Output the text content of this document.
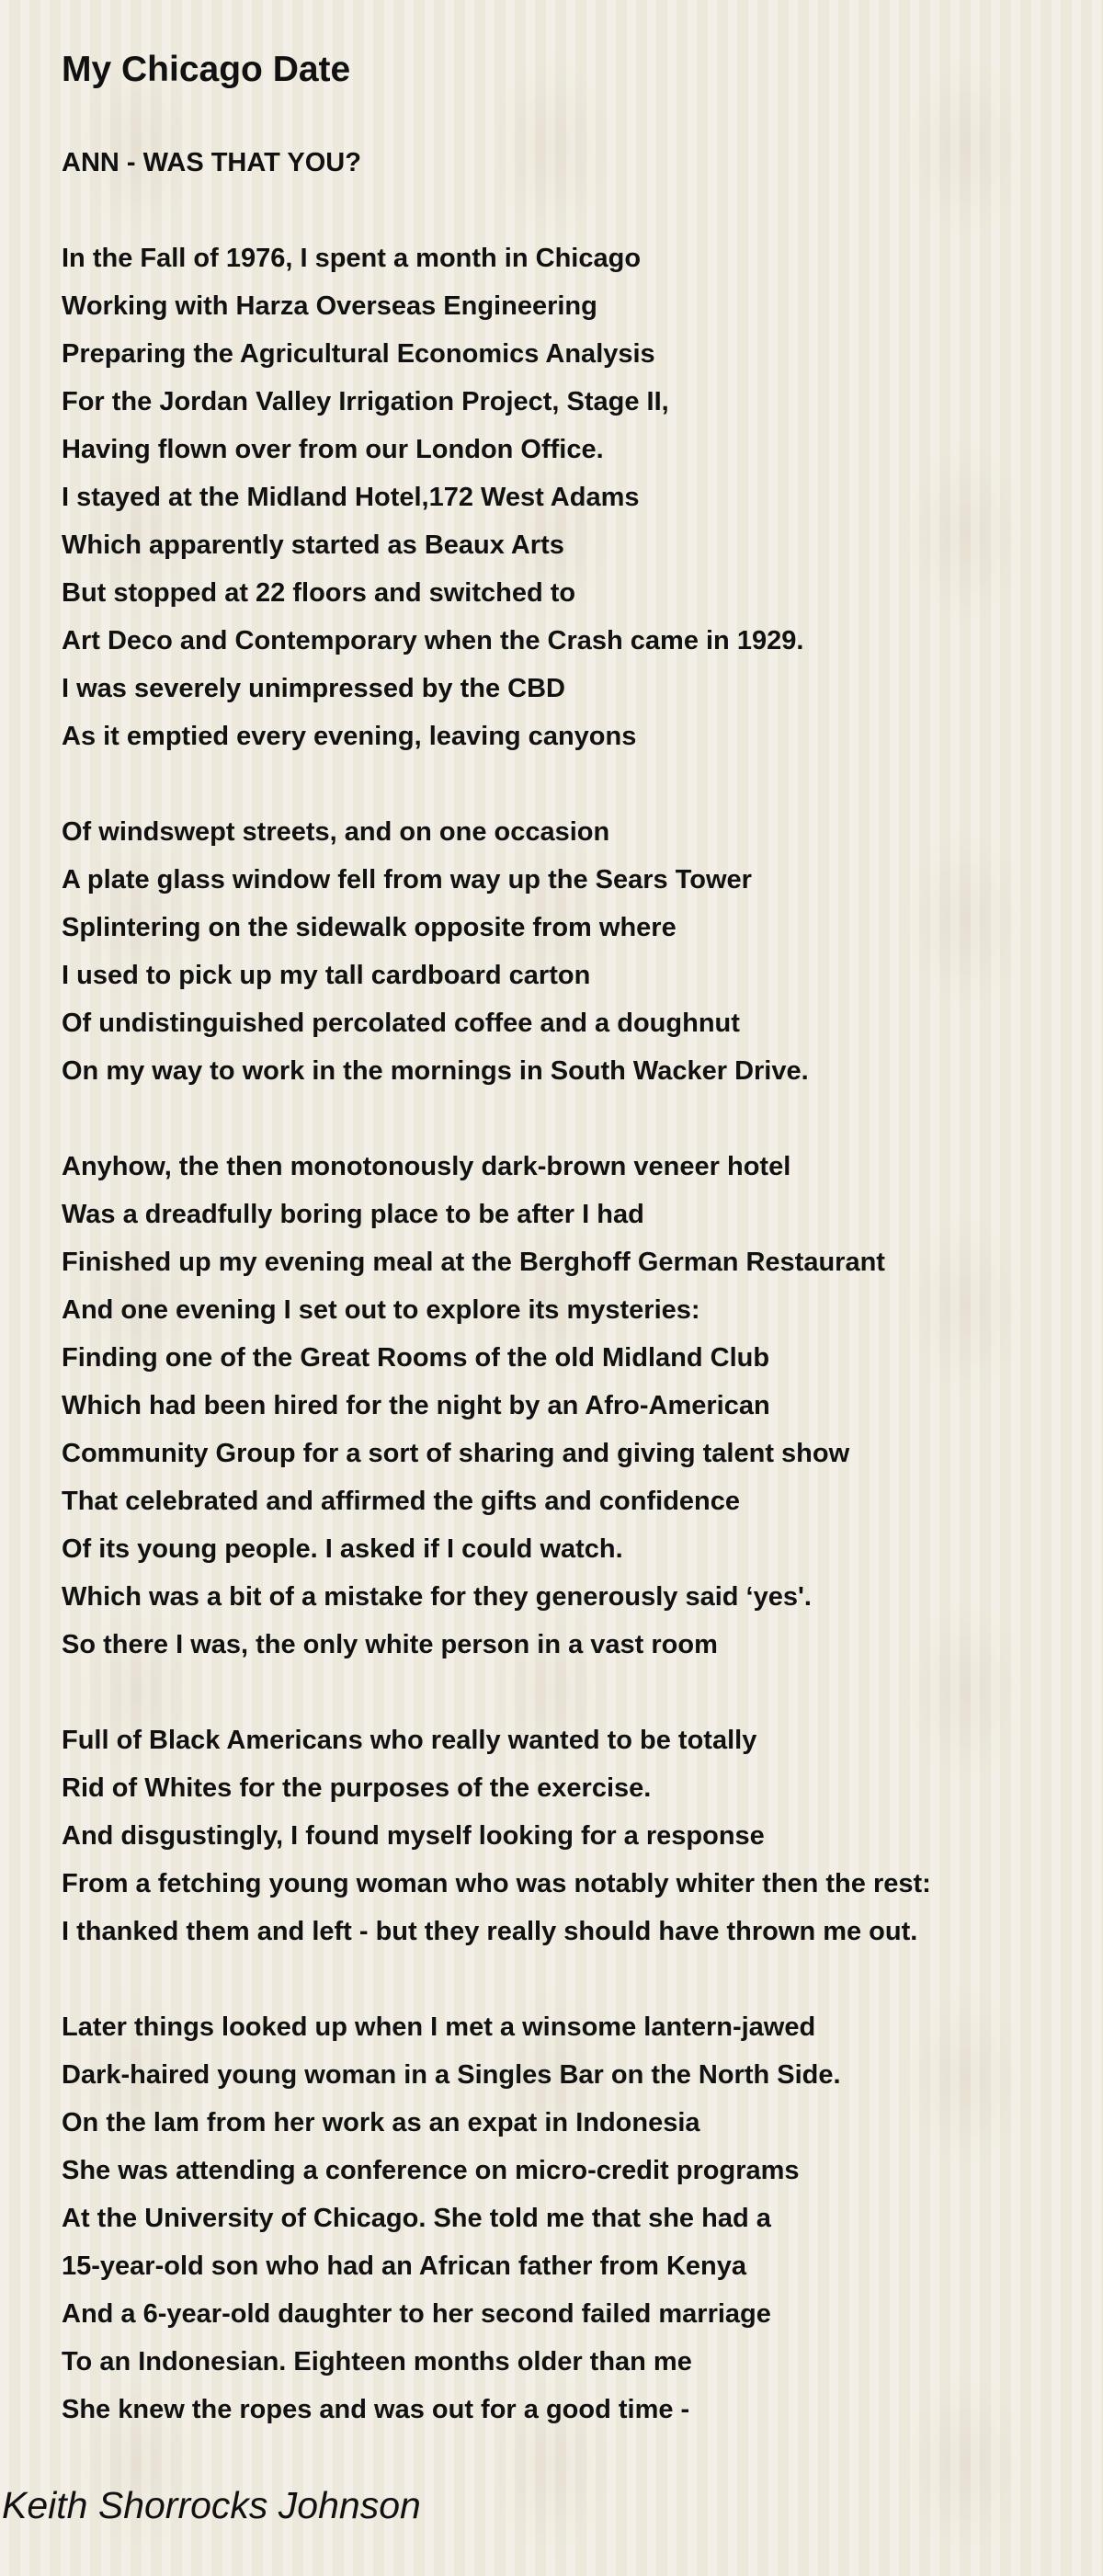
My Chicago Date
ANN - WAS THAT YOU?
In the Fall of 1976, I spent a month in Chicago
Working with Harza Overseas Engineering
Preparing the Agricultural Economics Analysis
For the Jordan Valley Irrigation Project, Stage II,
Having flown over from our London Office.
I stayed at the Midland Hotel,172 West Adams
Which apparently started as Beaux Arts
But stopped at 22 floors and switched to
Art Deco and Contemporary when the Crash came in 1929.
I was severely unimpressed by the CBD
As it emptied every evening, leaving canyons
Of windswept streets, and on one occasion
A plate glass window fell from way up the Sears Tower
Splintering on the sidewalk opposite from where
I used to pick up my tall cardboard carton
Of undistinguished percolated coffee and a doughnut
On my way to work in the mornings in South Wacker Drive.
Anyhow, the then monotonously dark-brown veneer hotel
Was a dreadfully boring place to be after I had
Finished up my evening meal at the Berghoff German Restaurant
And one evening I set out to explore its mysteries:
Finding one of the Great Rooms of the old Midland Club
Which had been hired for the night by an Afro-American
Community Group for a sort of sharing and giving talent show
That celebrated and affirmed the gifts and confidence
Of its young people. I asked if I could watch.
Which was a bit of a mistake for they generously said ‘yes'.
So there I was, the only white person in a vast room
Full of Black Americans who really wanted to be totally
Rid of Whites for the purposes of the exercise.
And disgustingly, I found myself looking for a response
From a fetching young woman who was notably whiter then the rest:
I thanked them and left - but they really should have thrown me out.
Later things looked up when I met a winsome lantern-jawed
Dark-haired young woman in a Singles Bar on the North Side.
On the lam from her work as an expat in Indonesia
She was attending a conference on micro-credit programs
At the University of Chicago. She told me that she had a
15-year-old son who had an African father from Kenya
And a 6-year-old daughter to her second failed marriage
To an Indonesian. Eighteen months older than me
She knew the ropes and was out for a good time -
Keith Shorrocks Johnson
